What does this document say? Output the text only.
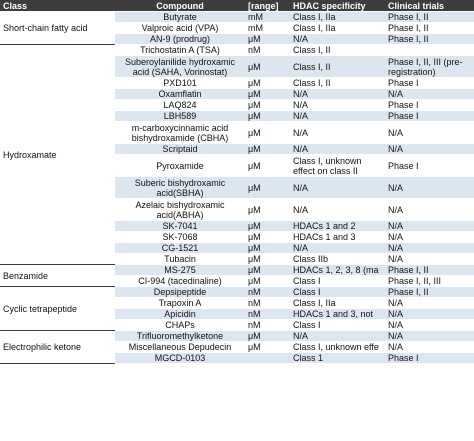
Class	Compound	[range]	HDAC specificity	Clinical trials
Short-chain fatty acid	Butyrate	mM	Class I, IIa	Phase I, II
	Valproic acid (VPA)	mM	Class I, IIa	Phase I, II
	AN-9 (prodrug)	μM	N/A	Phase I, II
Hydroxamate	Trichostatin A (TSA)	nM	Class I, II	
	Suberoylanilide hydroxamic acid (SAHA, Vorinostat)	μM	Class I, II	Phase I, II, III (pre-registration)
	PXD101	μM	Class I, II	Phase I
	Oxamflatin	μM	N/A	N/A
	LAQ824	μM	N/A	Phase I
	LBH589	μM	N/A	Phase I
	m-carboxycinnamic acid bishydroxamide (CBHA)	μM	N/A	N/A
	Scriptaid	μM	N/A	N/A
	Pyroxamide	μM	Class I, unknown effect on class II	Phase I
	Suberic bishydroxamic acid(SBHA)	μM	N/A	N/A
	Azelaic bishydroxamic acid(ABHA)	μM	N/A	N/A
	SK-7041	μM	HDACs 1 and 2	N/A
	SK-7068	μM	HDACs 1 and 3	N/A
	CG-1521	μM	N/A	N/A
	Tubacin	μM	Class IIb	N/A
Benzamide	MS-275	μM	HDACs 1, 2, 3, 8 (ma	Phase I, II
	CI-994 (tacedinaline)	μM	Class I	Phase I, II, III
Cyclic tetrapeptide	Depsipeptide	nM	Class I	Phase I, II
	Trapoxin A	nM	Class I, IIa	N/A
	Apicidin	nM	HDACs 1 and 3, not	N/A
	CHAPs	nM	Class I	N/A
Electrophilic ketone	Trifluoromethylketone	μM	N/A	N/A
	Miscellaneous Depudecin	μM	Class I, unknown effe	N/A
	MGCD-0103		Class 1	Phase I
